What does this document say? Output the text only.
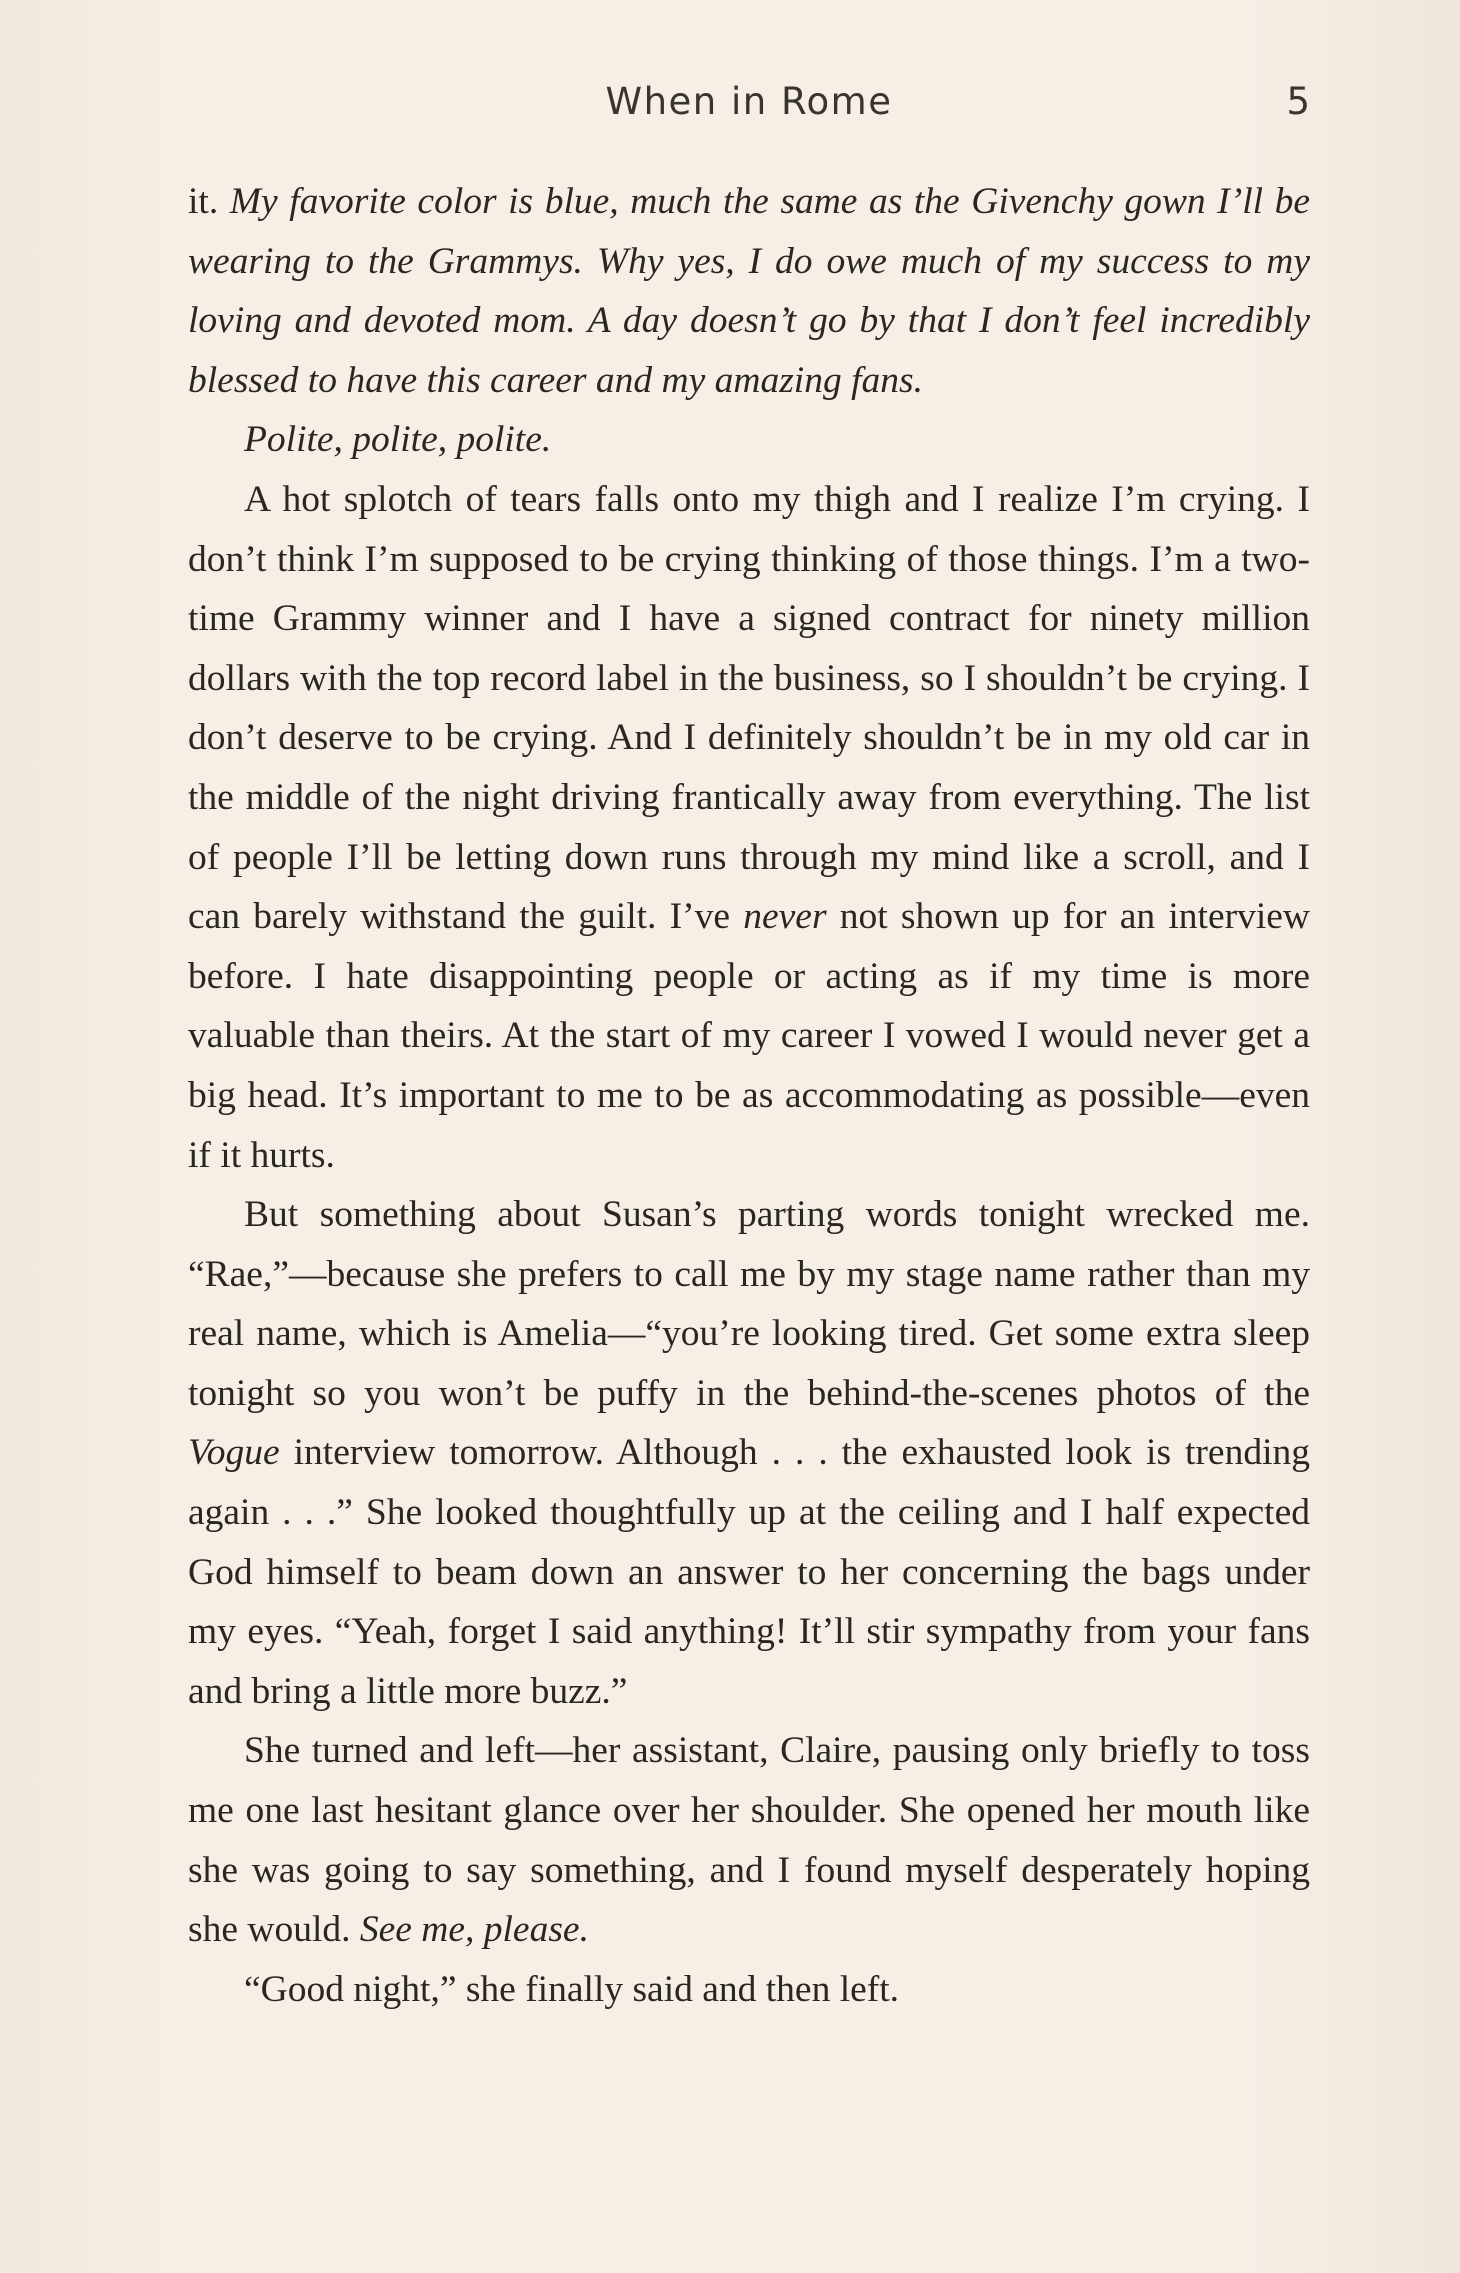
When in Rome	5

it. My favorite color is blue, much the same as the Givenchy gown I’ll be wearing to the Grammys. Why yes, I do owe much of my success to my loving and devoted mom. A day doesn’t go by that I don’t feel incredibly blessed to have this career and my amazing fans.

Polite, polite, polite.

A hot splotch of tears falls onto my thigh and I realize I’m crying. I don’t think I’m supposed to be crying thinking of those things. I’m a two-time Grammy winner and I have a signed contract for ninety million dollars with the top record label in the business, so I shouldn’t be crying. I don’t deserve to be crying. And I definitely shouldn’t be in my old car in the middle of the night driving frantically away from everything. The list of people I’ll be letting down runs through my mind like a scroll, and I can barely withstand the guilt. I’ve never not shown up for an interview before. I hate disappointing people or acting as if my time is more valuable than theirs. At the start of my career I vowed I would never get a big head. It’s important to me to be as accommodating as possible—even if it hurts.

But something about Susan’s parting words tonight wrecked me. “Rae,”—because she prefers to call me by my stage name rather than my real name, which is Amelia—“you’re looking tired. Get some extra sleep tonight so you won’t be puffy in the behind-the-scenes photos of the Vogue interview tomorrow. Although . . . the exhausted look is trending again . . .” She looked thoughtfully up at the ceiling and I half expected God himself to beam down an answer to her concerning the bags under my eyes. “Yeah, forget I said anything! It’ll stir sympathy from your fans and bring a little more buzz.”

She turned and left—her assistant, Claire, pausing only briefly to toss me one last hesitant glance over her shoulder. She opened her mouth like she was going to say something, and I found myself desperately hoping she would. See me, please.

“Good night,” she finally said and then left.
